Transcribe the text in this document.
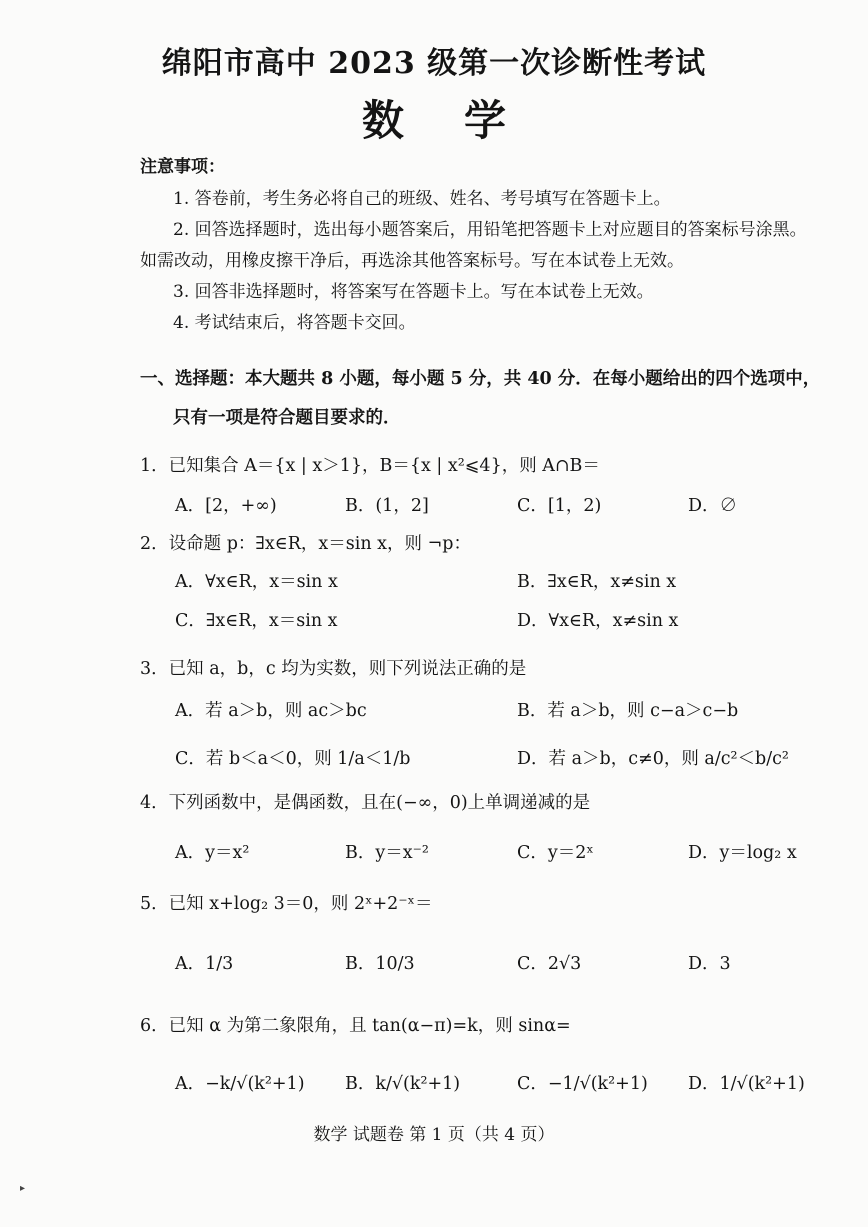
绵阳市高中 2023 级第一次诊断性考试
数学
注意事项：
1. 答卷前，考生务必将自己的班级、姓名、考号填写在答题卡上。
2. 回答选择题时，选出每小题答案后，用铅笔把答题卡上对应题目的答案标号涂黑。
如需改动，用橡皮擦干净后，再选涂其他答案标号。写在本试卷上无效。
3. 回答非选择题时，将答案写在答题卡上。写在本试卷上无效。
4. 考试结束后，将答题卡交回。
一、选择题：本大题共 8 小题，每小题 5 分，共 40 分．在每小题给出的四个选项中，
只有一项是符合题目要求的．
1．已知集合 A＝{x | x＞1}，B＝{x | x²⩽4}，则 A∩B＝
A．[2，+∞)	B．(1，2]	C．[1，2)	D．∅
2．设命题 p：∃x∈R，x＝sin x，则 ¬p：
A．∀x∈R，x＝sin x	B．∃x∈R，x≠sin x
C．∃x∈R，x＝sin x	D．∀x∈R，x≠sin x
3．已知 a，b，c 均为实数，则下列说法正确的是
A．若 a＞b，则 ac＞bc	B．若 a＞b，则 c−a＞c−b
C．若 b＜a＜0，则 1/a＜1/b	D．若 a＞b，c≠0，则 a/c²＜b/c²
4．下列函数中，是偶函数，且在(−∞，0)上单调递减的是
A．y＝x²	B．y＝x⁻²	C．y＝2ˣ	D．y＝log₂ x
5．已知 x+log₂ 3＝0，则 2ˣ+2⁻ˣ＝
A．1/3	B．10/3	C．2√3	D．3
6．已知 α 为第二象限角，且 tan(α−π)=k，则 sinα=
A．−k/√(k²+1) B．k/√(k²+1)	C．−1/√(k²+1) D．1/√(k²+1)
数学 试题卷 第 1 页（共 4 页）
▸
